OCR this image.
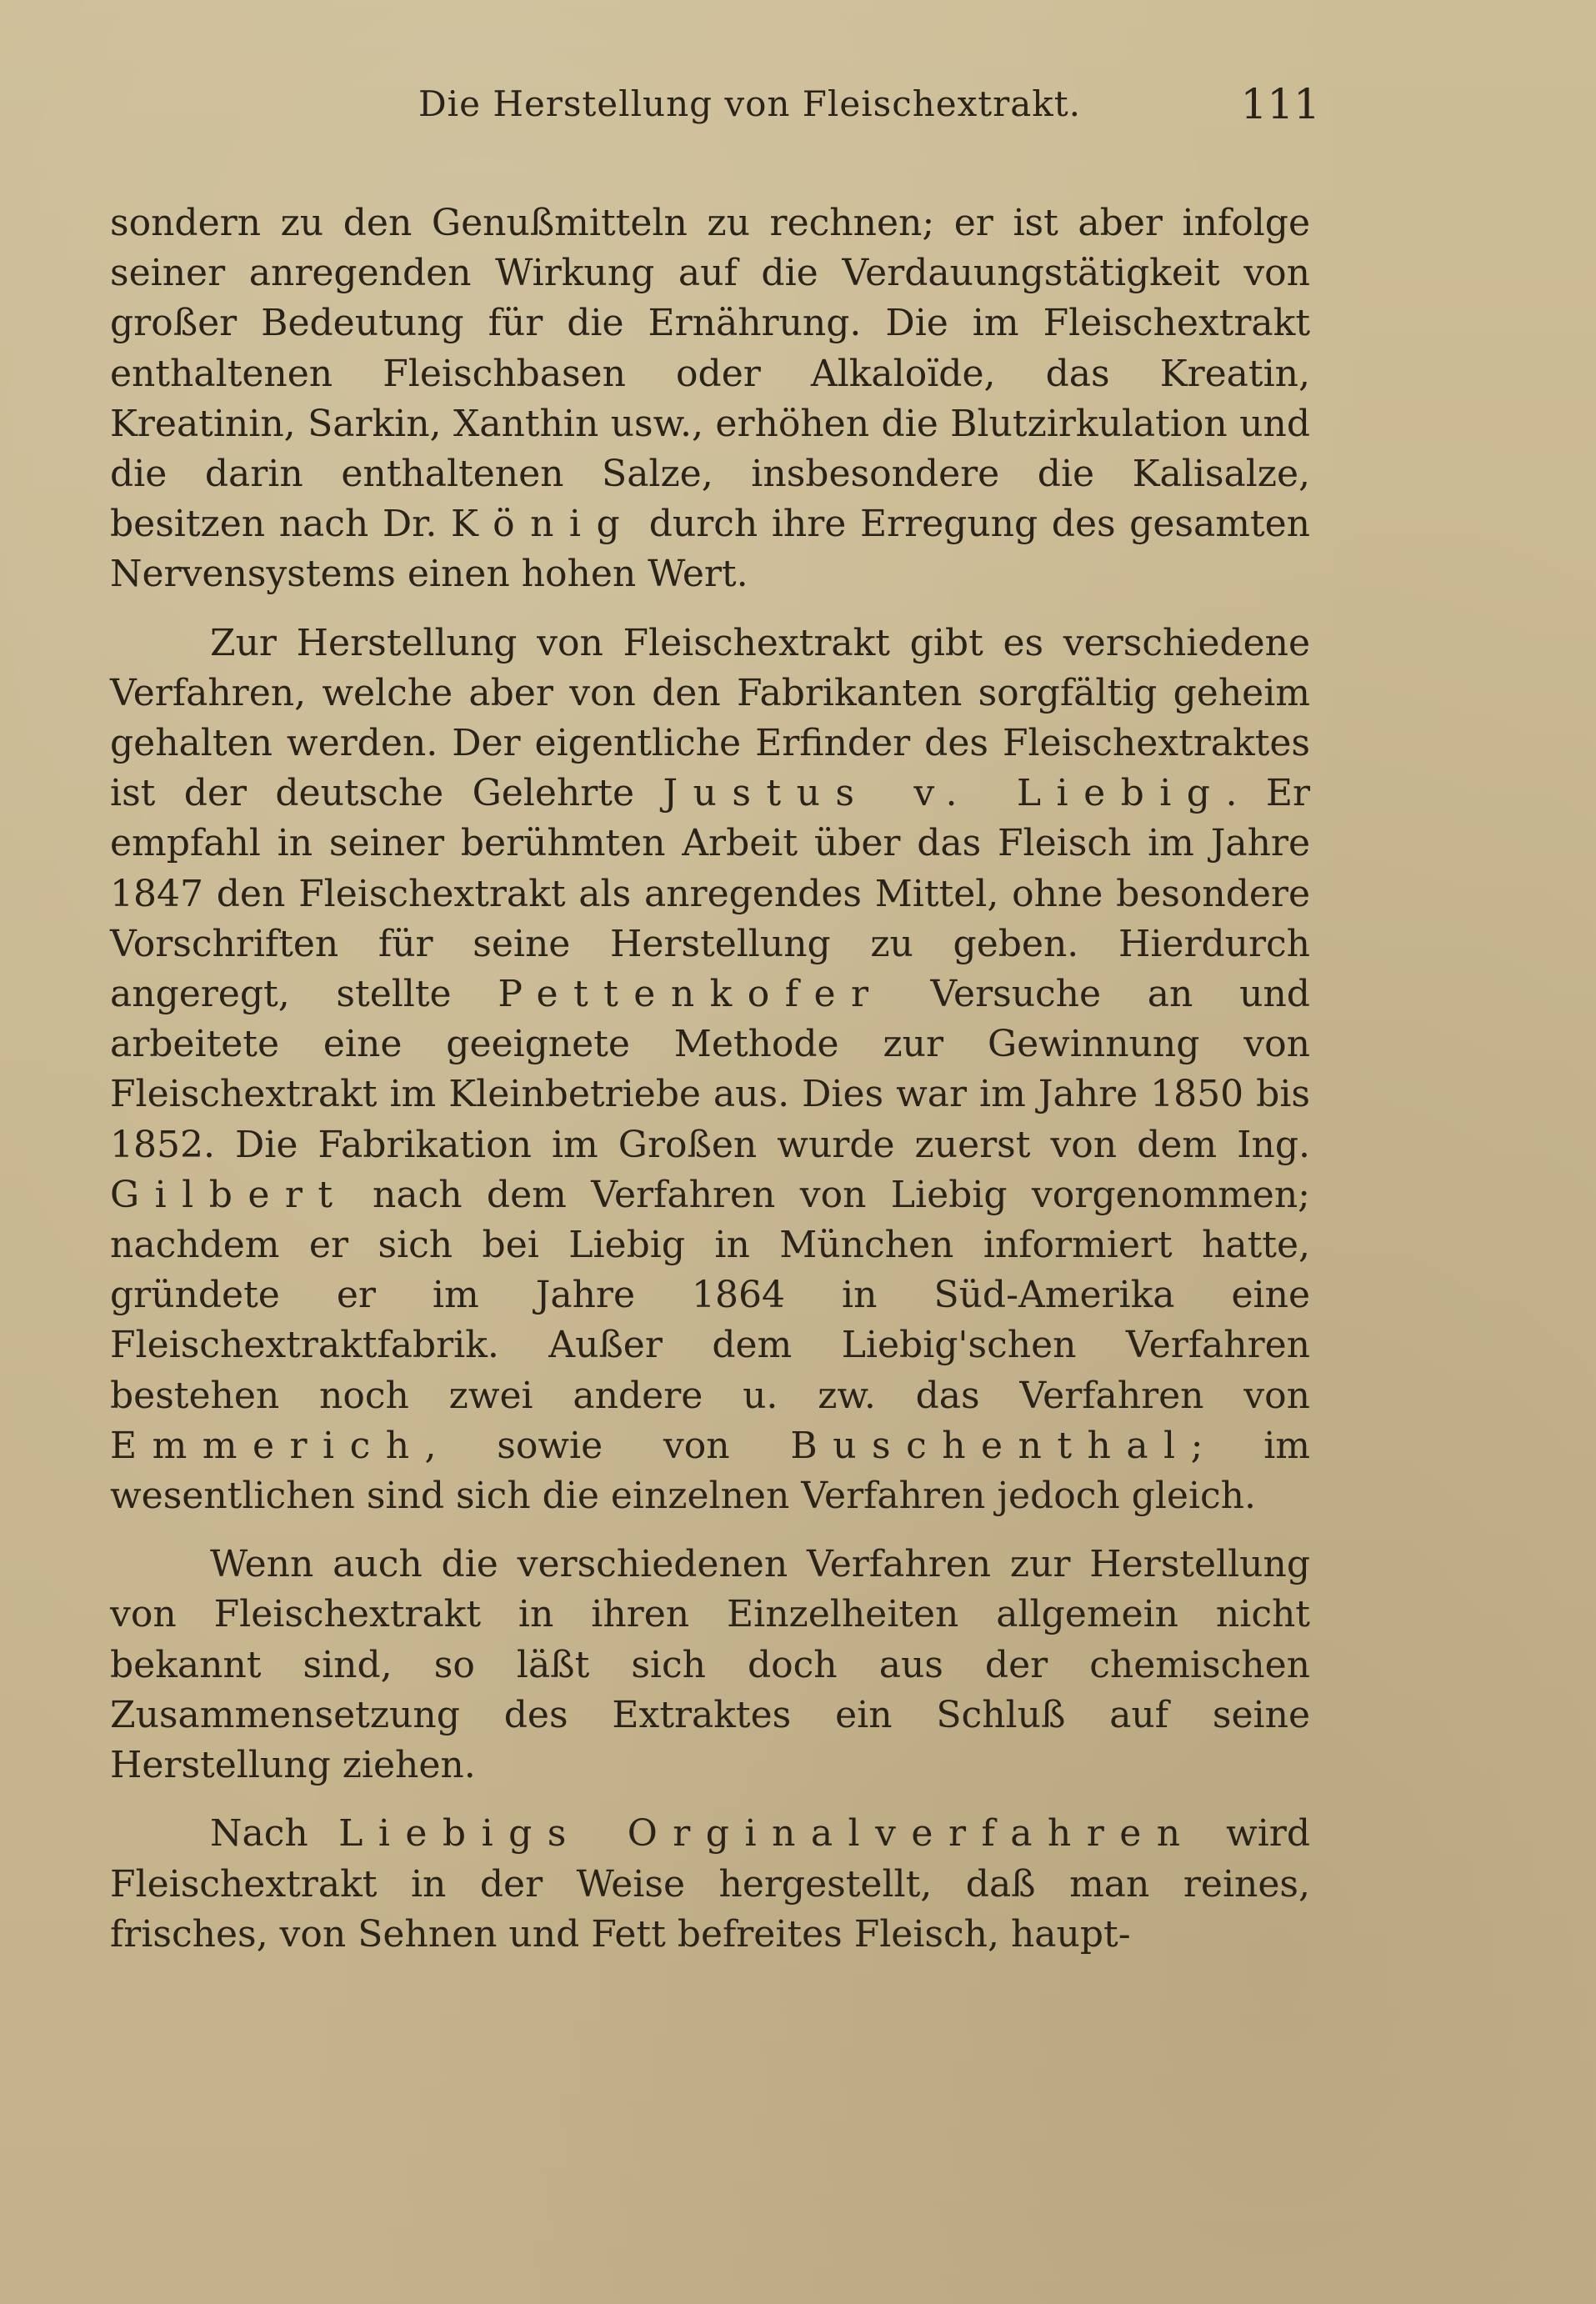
Die Herstellung von Fleischextrakt.	111

sondern zu den Genußmitteln zu rechnen; er ist aber infolge seiner anregenden Wirkung auf die Verdauungstätigkeit von großer Bedeutung für die Ernährung. Die im Fleischextrakt enthaltenen Fleischbasen oder Alkaloïde, das Kreatin, Kreatinin, Sarkin, Xanthin usw., erhöhen die Blutzirkulation und die darin enthaltenen Salze, insbesondere die Kalisalze, besitzen nach Dr. König durch ihre Erregung des gesamten Nervensystems einen hohen Wert.

Zur Herstellung von Fleischextrakt gibt es verschiedene Verfahren, welche aber von den Fabrikanten sorgfältig geheim gehalten werden. Der eigentliche Erfinder des Fleischextraktes ist der deutsche Gelehrte Justus v. Liebig. Er empfahl in seiner berühmten Arbeit über das Fleisch im Jahre 1847 den Fleischextrakt als anregendes Mittel, ohne besondere Vorschriften für seine Herstellung zu geben. Hierdurch angeregt, stellte Pettenkofer Versuche an und arbeitete eine geeignete Methode zur Gewinnung von Fleischextrakt im Kleinbetriebe aus. Dies war im Jahre 1850 bis 1852. Die Fabrikation im Großen wurde zuerst von dem Ing. Gilbert nach dem Verfahren von Liebig vorgenommen; nachdem er sich bei Liebig in München informiert hatte, gründete er im Jahre 1864 in Süd-Amerika eine Fleischextraktfabrik. Außer dem Liebig'schen Verfahren bestehen noch zwei andere u. zw. das Verfahren von Emmerich, sowie von Buschenthal; im wesentlichen sind sich die einzelnen Verfahren jedoch gleich.

Wenn auch die verschiedenen Verfahren zur Herstellung von Fleischextrakt in ihren Einzelheiten allgemein nicht bekannt sind, so läßt sich doch aus der chemischen Zusammensetzung des Extraktes ein Schluß auf seine Herstellung ziehen.

Nach Liebigs Orginalverfahren wird Fleischextrakt in der Weise hergestellt, daß man reines, frisches, von Sehnen und Fett befreites Fleisch, haupt-
